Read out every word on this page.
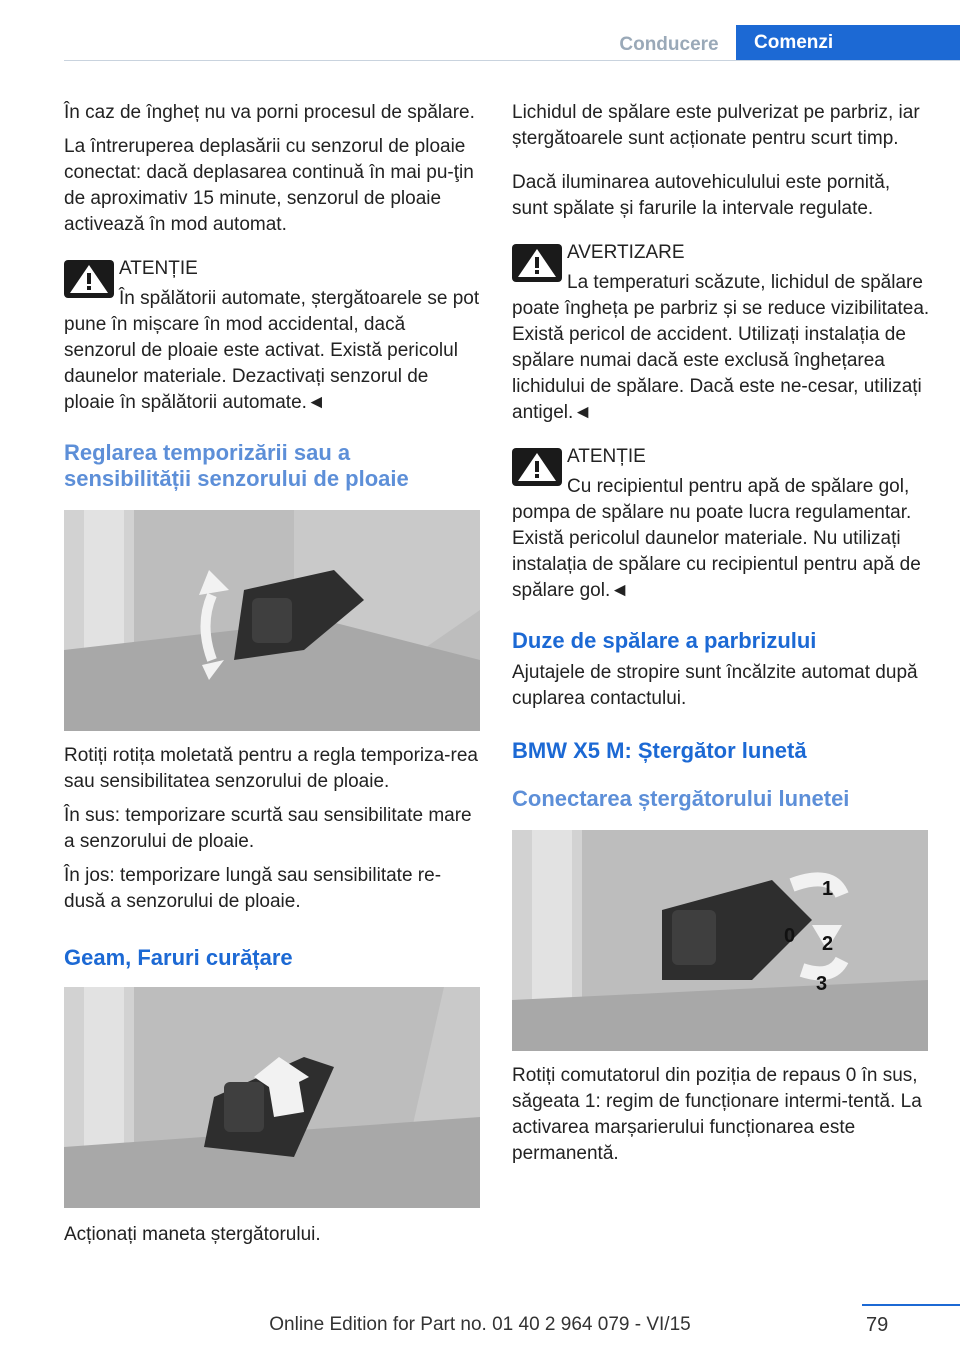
Conducere	Comenzi

În caz de îngheț nu va porni procesul de spălare.

La întreruperea deplasării cu senzorul de ploaie conectat: dacă deplasarea continuă în mai pu-ţin de aproximativ 15 minute, senzorul de ploaie activează în mod automat.

ATENȚIE

În spălătorii automate, ștergătoarele se pot pune în mișcare în mod accidental, dacă senzorul de ploaie este activat. Există pericolul daunelor materiale. Dezactivați senzorul de ploaie în spălătorii automate.◄

Reglarea temporizării sau a sensibilității senzorului de ploaie

Rotiți rotița moletată pentru a regla temporiza-rea sau sensibilitatea senzorului de ploaie.

În sus: temporizare scurtă sau sensibilitate mare a senzorului de ploaie.

În jos: temporizare lungă sau sensibilitate re-dusă a senzorului de ploaie.

Geam, Faruri curățare

Acționați maneta ștergătorului.

Lichidul de spălare este pulverizat pe parbriz, iar ștergătoarele sunt acționate pentru scurt timp.

Dacă iluminarea autovehiculului este pornită, sunt spălate și farurile la intervale regulate.

AVERTIZARE

La temperaturi scăzute, lichidul de spălare poate îngheța pe parbriz și se reduce vizibilitatea. Există pericol de accident. Utilizați instalația de spălare numai dacă este exclusă înghețarea lichidului de spălare. Dacă este ne-cesar, utilizați antigel.◄

ATENȚIE

Cu recipientul pentru apă de spălare gol, pompa de spălare nu poate lucra regulamentar. Există pericolul daunelor materiale. Nu utilizați instalația de spălare cu recipientul pentru apă de spălare gol.◄

Duze de spălare a parbrizului

Ajutajele de stropire sunt încălzite automat după cuplarea contactului.

BMW X5 M: Ștergător lunetă
Conectarea ștergătorului lunetei
1
0 2
3

Rotiți comutatorul din poziția de repaus 0 în sus, săgeata 1: regim de funcționare intermi-tentă. La activarea marșarierului funcționarea este permanentă.

79
Online Edition for Part no. 01 40 2 964 079 - VI/15
